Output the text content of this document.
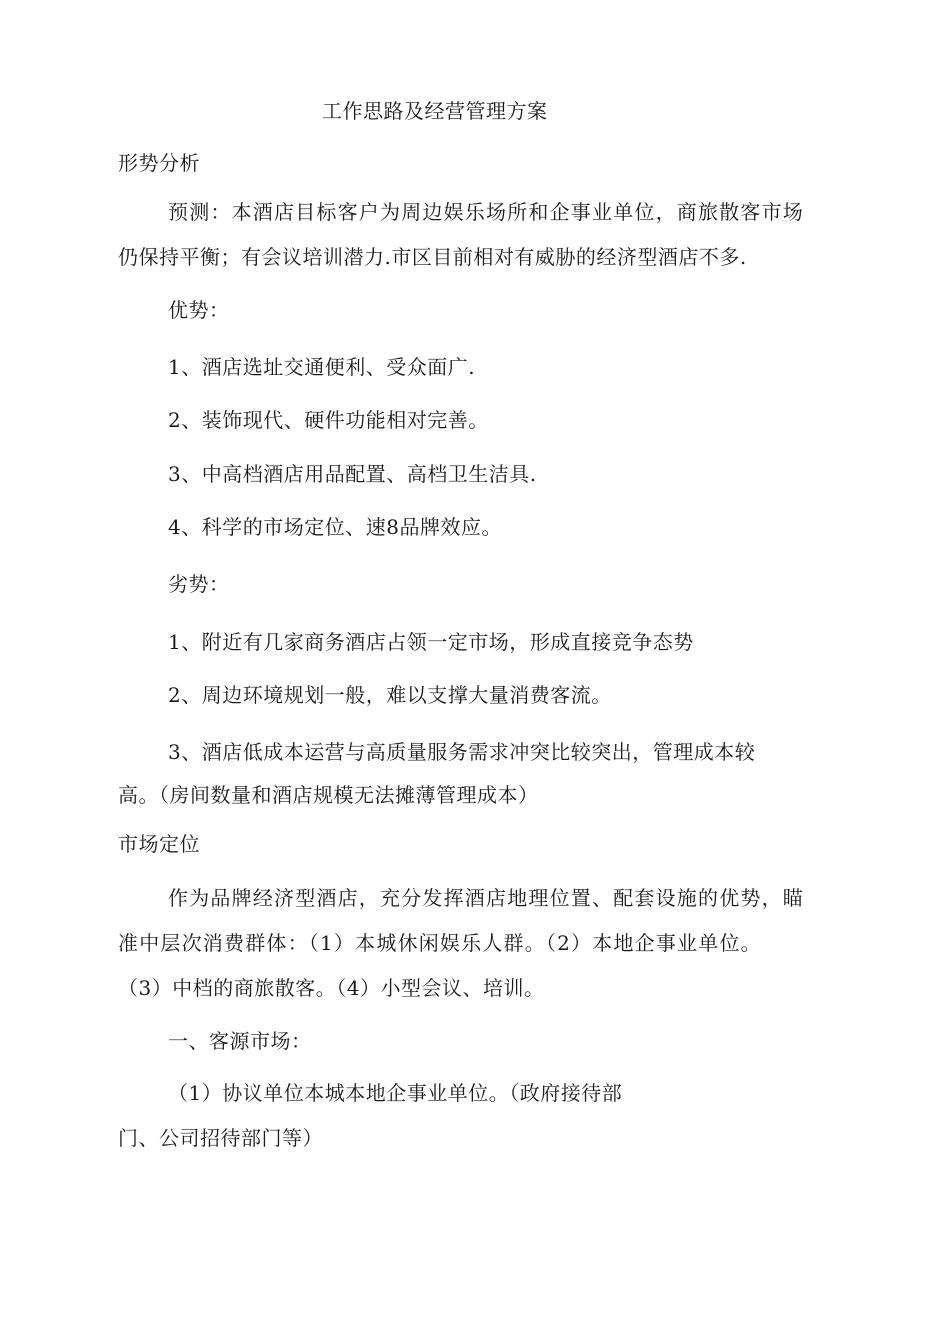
工作思路及经营管理方案
形势分析
预测：本酒店目标客户为周边娱乐场所和企事业单位，商旅散客市场
仍保持平衡；有会议培训潜力.市区目前相对有威胁的经济型酒店不多.
优势：
1、酒店选址交通便利、受众面广.
2、装饰现代、硬件功能相对完善。
3、中高档酒店用品配置、高档卫生洁具.
4、科学的市场定位、速8品牌效应。
劣势：
1、附近有几家商务酒店占领一定市场，形成直接竞争态势
2、周边环境规划一般，难以支撑大量消费客流。
3、酒店低成本运营与高质量服务需求冲突比较突出，管理成本较
高。（房间数量和酒店规模无法摊薄管理成本）
市场定位
作为品牌经济型酒店，充分发挥酒店地理位置、配套设施的优势，瞄
准中层次消费群体：（1）本城休闲娱乐人群。（2）本地企事业单位。
（3）中档的商旅散客。（4）小型会议、培训。
一、客源市场：
（1）协议单位本城本地企事业单位。（政府接待部
门、公司招待部门等）
